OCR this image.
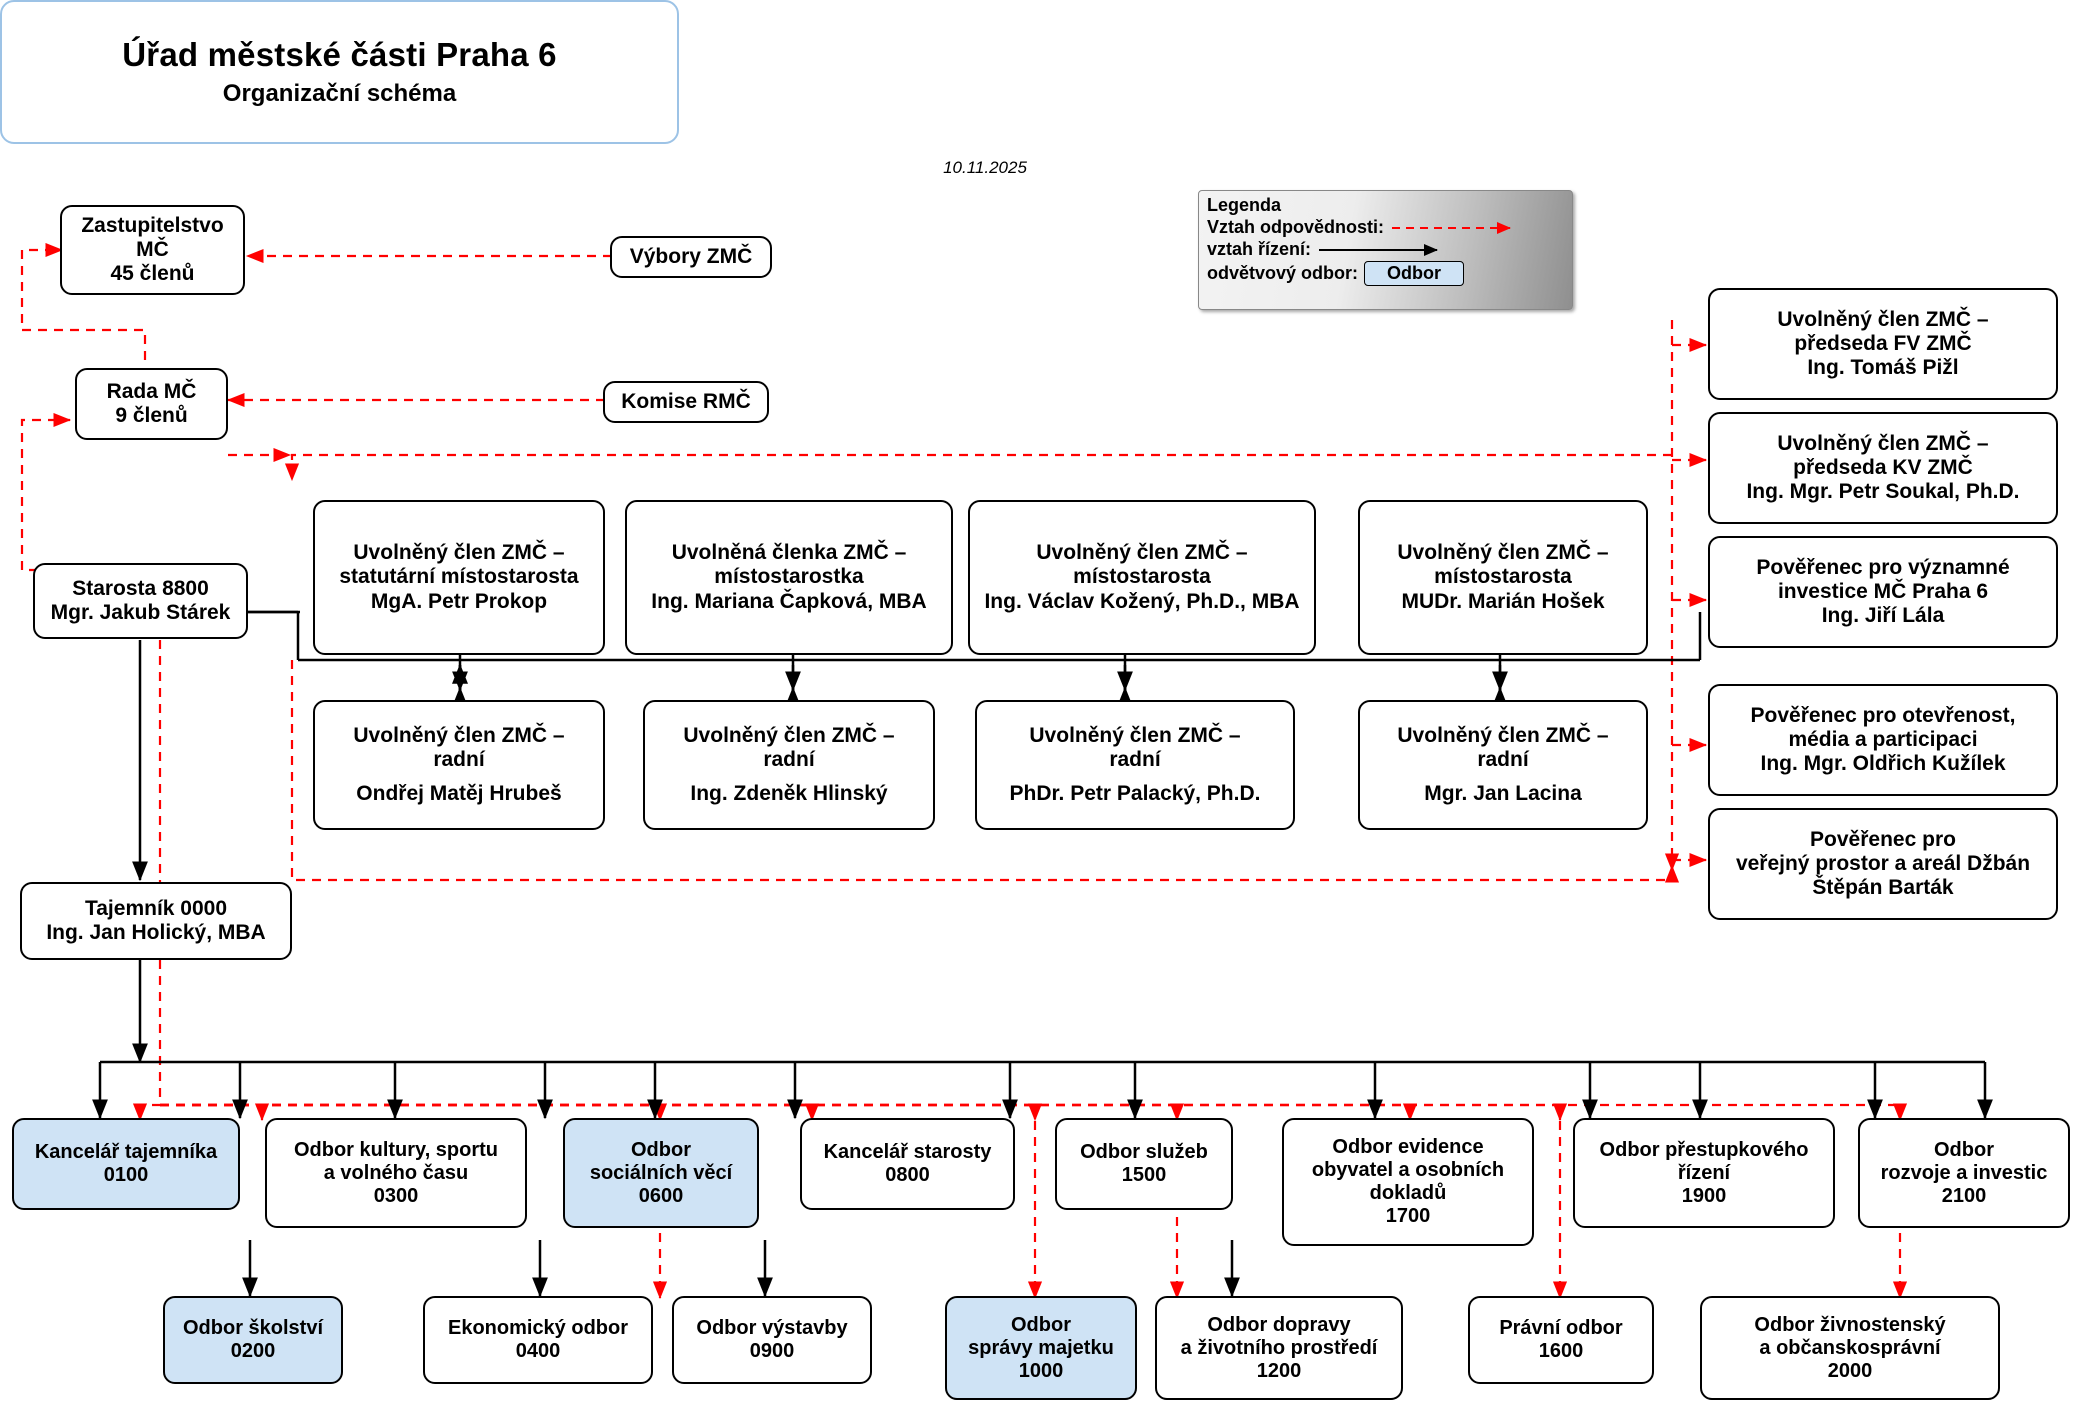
Úřad městské části Praha 6
Organizační schéma
10.11.2025
Legenda
Vztah odpovědnosti:
vztah řízení:
odvětvový odbor:	Odbor
Zastupitelstvo
MČ
45 členů
Výbory ZMČ
Rada MČ
9 členů
Komise RMČ
Starosta 8800
Mgr. Jakub Stárek
Tajemník 0000
Ing. Jan Holický, MBA
Uvolněný člen ZMČ –
statutární místostarosta
MgA. Petr Prokop
Uvolněná členka ZMČ –
místostarostka
Ing. Mariana Čapková, MBA
Uvolněný člen ZMČ –
místostarosta
Ing. Václav Kožený, Ph.D., MBA
Uvolněný člen ZMČ –
místostarosta
MUDr. Marián Hošek
Uvolněný člen ZMČ –
radní
Ondřej Matěj Hrubeš
Uvolněný člen ZMČ –
radní
Ing. Zdeněk Hlinský
Uvolněný člen ZMČ –
radní
PhDr. Petr Palacký, Ph.D.
Uvolněný člen ZMČ –
radní
Mgr. Jan Lacina
Uvolněný člen ZMČ –
předseda FV ZMČ
Ing. Tomáš Pižl
Uvolněný člen ZMČ –
předseda KV ZMČ
Ing. Mgr. Petr Soukal, Ph.D.
Pověřenec pro významné
investice MČ Praha 6
Ing. Jiří Lála
Pověřenec pro otevřenost,
média a participaci
Ing. Mgr. Oldřich Kužílek
Pověřenec pro
veřejný prostor a areál Džbán
Štěpán Barták
Kancelář tajemníka
0100
Odbor kultury, sportu
a volného času
0300
Odbor
sociálních věcí
0600
Kancelář starosty
0800
Odbor služeb
1500
Odbor evidence
obyvatel a osobních
dokladů
1700
Odbor přestupkového
řízení
1900
Odbor
rozvoje a investic
2100
Odbor školství
0200
Ekonomický odbor
0400
Odbor výstavby
0900
Odbor
správy majetku
1000
Odbor dopravy
a životního prostředí
1200
Právní odbor
1600
Odbor živnostenský
a občanskosprávní
2000
